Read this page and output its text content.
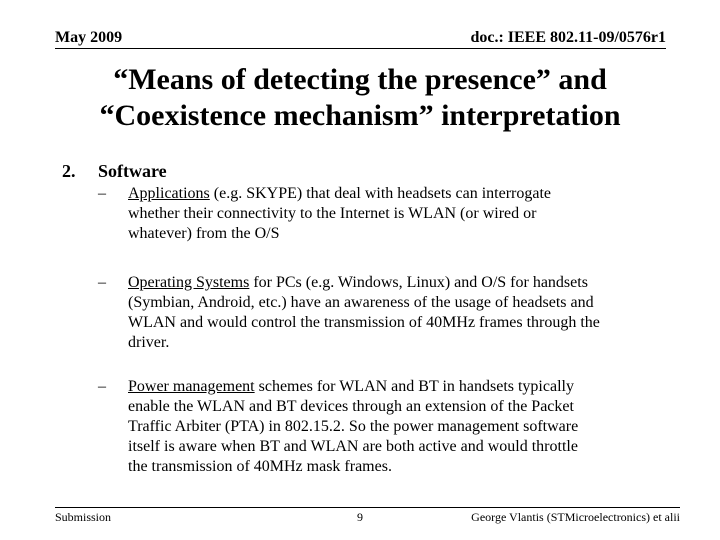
May 2009	doc.: IEEE 802.11-09/0576r1
“Means of detecting the presence” and
“Coexistence mechanism” interpretation
2. Software
– Applications (e.g. SKYPE) that deal with headsets can interrogate
whether their connectivity to the Internet is WLAN (or wired or
whatever) from the O/S
– Operating Systems for PCs (e.g. Windows, Linux) and O/S for handsets
(Symbian, Android, etc.) have an awareness of the usage of headsets and
WLAN and would control the transmission of 40MHz frames through the
driver.
– Power management schemes for WLAN and BT in handsets typically
enable the WLAN and BT devices through an extension of the Packet
Traffic Arbiter (PTA) in 802.15.2. So the power management software
itself is aware when BT and WLAN are both active and would throttle
the transmission of 40MHz mask frames.
Submission	9	George Vlantis (STMicroelectronics) et alii
